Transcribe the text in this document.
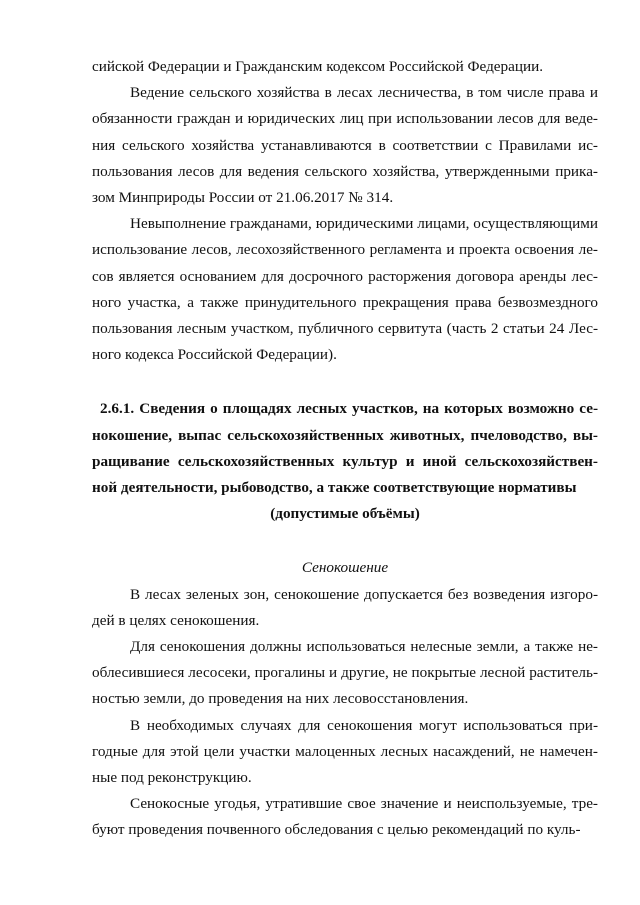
сийской Федерации и Гражданским кодексом Российской Федерации.

Ведение сельского хозяйства в лесах лесничества, в том числе права и обязанности граждан и юридических лиц при использовании лесов для веде-ния сельского хозяйства устанавливаются в соответствии с Правилами ис-пользования лесов для ведения сельского хозяйства, утвержденными прика-зом Минприроды России от 21.06.2017 № 314.

Невыполнение гражданами, юридическими лицами, осуществляющими использование лесов, лесохозяйственного регламента и проекта освоения ле-сов является основанием для досрочного расторжения договора аренды лес-ного участка, а также принудительного прекращения права безвозмездного пользования лесным участком, публичного сервитута (часть 2 статьи 24 Лес-ного кодекса Российской Федерации).

2.6.1. Сведения о площадях лесных участков, на которых возможно се-нокошение, выпас сельскохозяйственных животных, пчеловодство, вы-ращивание сельскохозяйственных культур и иной сельскохозяйствен-ной деятельности, рыбоводство, а также соответствующие нормативы
(допустимые объёмы)

Сенокошение

В лесах зеленых зон, сенокошение допускается без возведения изгоро-дей в целях сенокошения.

Для сенокошения должны использоваться нелесные земли, а также не-облесившиеся лесосеки, прогалины и другие, не покрытые лесной раститель-ностью земли, до проведения на них лесовосстановления.

В необходимых случаях для сенокошения могут использоваться при-годные для этой цели участки малоценных лесных насаждений, не намечен-ные под реконструкцию.

Сенокосные угодья, утратившие свое значение и неиспользуемые, тре-буют проведения почвенного обследования с целью рекомендаций по куль-
